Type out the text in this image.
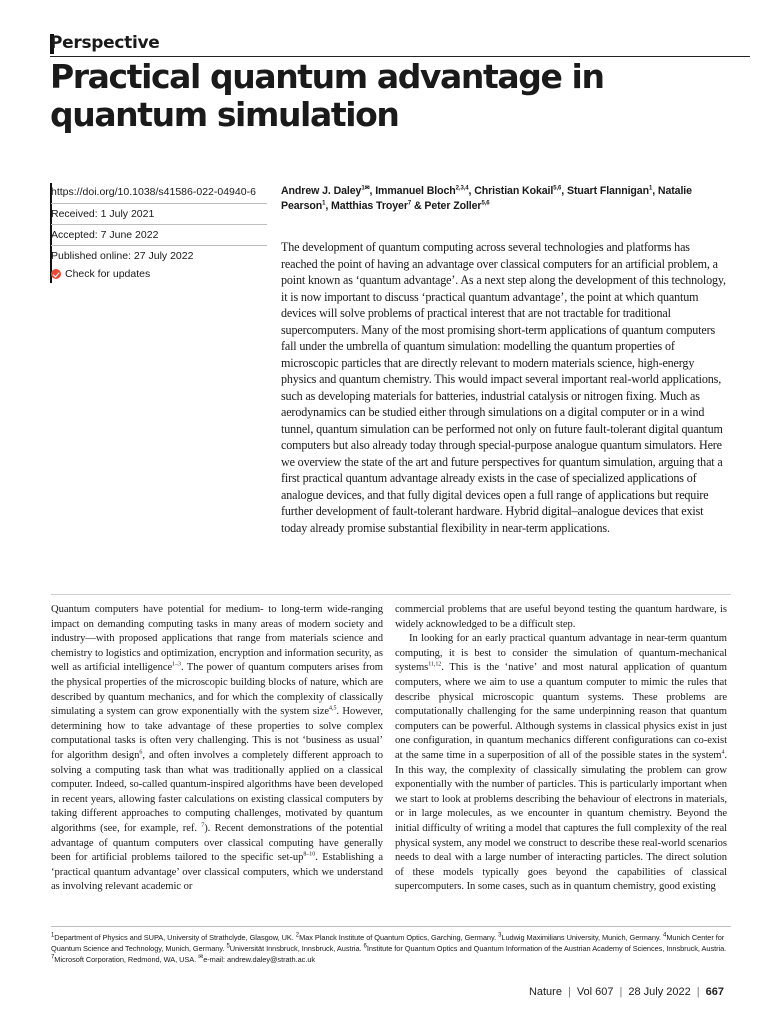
Perspective
Practical quantum advantage in quantum simulation
https://doi.org/10.1038/s41586-022-04940-6
Received: 1 July 2021
Accepted: 7 June 2022
Published online: 27 July 2022
Check for updates
Andrew J. Daley$^{1✉}$, Immanuel Bloch$^{2,3,4}$, Christian Kokail$^{5,6}$, Stuart Flannigan$^1$, Natalie Pearson$^1$, Matthias Troyer$^7$ & Peter Zoller$^{5,6}$

The development of quantum computing across several technologies and platforms has reached the point of having an advantage over classical computers for an artificial problem, a point known as ‘quantum advantage’. As a next step along the development of this technology, it is now important to discuss ‘practical quantum advantage’, the point at which quantum devices will solve problems of practical interest that are not tractable for traditional supercomputers. Many of the most promising short-term applications of quantum computers fall under the umbrella of quantum simulation: modelling the quantum properties of microscopic particles that are directly relevant to modern materials science, high-energy physics and quantum chemistry. This would impact several important real-world applications, such as developing materials for batteries, industrial catalysis or nitrogen fixing. Much as aerodynamics can be studied either through simulations on a digital computer or in a wind tunnel, quantum simulation can be performed not only on future fault-tolerant digital quantum computers but also already today through special-purpose analogue quantum simulators. Here we overview the state of the art and future perspectives for quantum simulation, arguing that a first practical quantum advantage already exists in the case of specialized applications of analogue devices, and that fully digital devices open a full range of applications but require further development of fault-tolerant hardware. Hybrid digital–analogue devices that exist today already promise substantial flexibility in near-term applications.

Quantum computers have potential for medium- to long-term wide-ranging impact on demanding computing tasks in many areas of modern society and industry—with proposed applications that range from materials science and chemistry to logistics and optimization, encryption and information security, as well as artificial intelligence$^{1-3}$. The power of quantum computers arises from the physical properties of the microscopic building blocks of nature, which are described by quantum mechanics, and for which the complexity of classically simulating a system can grow exponentially with the system size$^{4,5}$. However, determining how to take advantage of these properties to solve complex computational tasks is often very challenging. This is not ‘business as usual’ for algorithm design$^6$, and often involves a completely different approach to solving a computing task than what was traditionally applied on a classical computer. Indeed, so-called quantum-inspired algorithms have been developed in recent years, allowing faster calculations on existing classical computers by taking different approaches to computing challenges, motivated by quantum algorithms (see, for example, ref. $^7$). Recent demonstrations of the potential advantage of quantum computers over classical computing have generally been for artificial problems tailored to the specific set-$up^{8-10}$. Establishing a ‘practical quantum advantage’ over classical computers, which we understand as involving relevant academic or

commercial problems that are useful beyond testing the quantum hardware, is widely acknowledged to be a difficult step.

In looking for an early practical quantum advantage in near-term quantum computing, it is best to consider the simulation of quantum-mechanical systems$^{11,12}$. This is the ‘native’ and most natural application of quantum computers, where we aim to use a quantum computer to mimic the rules that describe physical microscopic quantum systems. These problems are computationally challenging for the same underpinning reason that quantum computers can be powerful. Although systems in classical physics exist in just one configuration, in quantum mechanics different configurations can co-exist at the same time in a superposition of all of the possible states in the system$^4$. In this way, the complexity of classically simulating the problem can grow exponentially with the number of particles. This is particularly important when we start to look at problems describing the behaviour of electrons in materials, or in large molecules, as we encounter in quantum chemistry. Beyond the initial difficulty of writing a model that captures the full complexity of the real physical system, any model we construct to describe these real-world scenarios needs to deal with a large number of interacting particles. The direct solution of these models typically goes beyond the capabilities of classical supercomputers. In some cases, such as in quantum chemistry, good existing

$^1$Department of Physics and SUPA, University of Strathclyde, Glasgow, UK. $^2$Max Planck Institute of Quantum Optics, Garching, Germany. $^3$Ludwig Maximilians University, Munich, Germany. $^4$Munich Center for Quantum Science and Technology, Munich, Germany. $^5$Universität Innsbruck, Innsbruck, Austria. $^6$Institute for Quantum Optics and Quantum Information of the Austrian Academy of Sciences, Innsbruck, Austria. $^7$Microsoft Corporation, Redmond, WA, USA. ✉e-mail: andrew.daley@strath.ac.uk
Nature | Vol 607 | 28 July 2022 | 667
